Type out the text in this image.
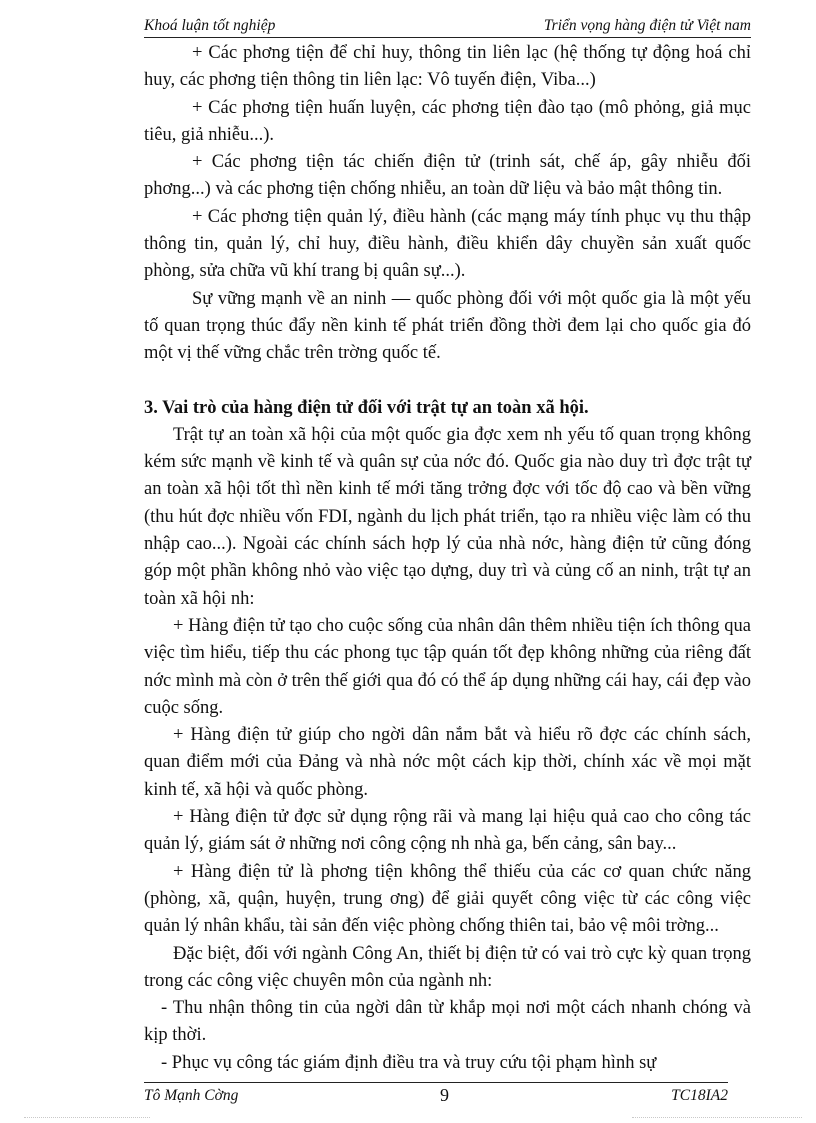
Khoá luận tốt nghiệp	Triển vọng hàng điện tử Việt nam

+ Các phơng tiện để chỉ huy, thông tin liên lạc (hệ thống tự động hoá chỉ huy, các phơng tiện thông tin liên lạc: Vô tuyến điện, Viba...)

+ Các phơng tiện huấn luyện, các phơng tiện đào tạo (mô phỏng, giả mục tiêu, giả nhiễu...).

+ Các phơng tiện tác chiến điện tử (trinh sát, chế áp, gây nhiễu đối phơng...) và các phơng tiện chống nhiễu, an toàn dữ liệu và bảo mật thông tin.

+ Các phơng tiện quản lý, điều hành (các mạng máy tính phục vụ thu thập thông tin, quản lý, chỉ huy, điều hành, điều khiển dây chuyền sản xuất quốc phòng, sửa chữa vũ khí trang bị quân sự...).

Sự vững mạnh về an ninh — quốc phòng đối với một quốc gia là một yếu tố quan trọng thúc đẩy nền kinh tế phát triển đồng thời đem lại cho quốc gia đó một vị thế vững chắc trên trờng quốc tế.

3. Vai trò của hàng điện tử đối với trật tự an toàn xã hội.

Trật tự an toàn xã hội của một quốc gia đợc xem nh yếu tố quan trọng không kém sức mạnh về kinh tế và quân sự của nớc đó. Quốc gia nào duy trì đợc trật tự an toàn xã hội tốt thì nền kinh tế mới tăng trởng đợc với tốc độ cao và bền vững (thu hút đợc nhiều vốn FDI, ngành du lịch phát triển, tạo ra nhiều việc làm có thu nhập cao...). Ngoài các chính sách hợp lý của nhà nớc, hàng điện tử cũng đóng góp một phần không nhỏ vào việc tạo dựng, duy trì và củng cố an ninh, trật tự an toàn xã hội nh:

+ Hàng điện tử tạo cho cuộc sống của nhân dân thêm nhiều tiện ích thông qua việc tìm hiểu, tiếp thu các phong tục tập quán tốt đẹp không những của riêng đất nớc mình mà còn ở trên thế giới qua đó có thể áp dụng những cái hay, cái đẹp vào cuộc sống.

+ Hàng điện tử giúp cho ngời dân nắm bắt và hiểu rõ đợc các chính sách, quan điểm mới của Đảng và nhà nớc một cách kịp thời, chính xác về mọi mặt kinh tế, xã hội và quốc phòng.

+ Hàng điện tử đợc sử dụng rộng rãi và mang lại hiệu quả cao cho công tác quản lý, giám sát ở những nơi công cộng nh nhà ga, bến cảng, sân bay...

+ Hàng điện tử là phơng tiện không thể thiếu của các cơ quan chức năng (phòng, xã, quận, huyện, trung ơng) để giải quyết công việc từ các công việc quản lý nhân khẩu, tài sản đến việc phòng chống thiên tai, bảo vệ môi trờng...

Đặc biệt, đối với ngành Công An, thiết bị điện tử có vai trò cực kỳ quan trọng trong các công việc chuyên môn của ngành nh:

- Thu nhận thông tin của ngời dân từ khắp mọi nơi một cách nhanh chóng và kịp thời.

- Phục vụ công tác giám định điều tra và truy cứu tội phạm hình sự

Tô Mạnh Cờng	9	TC18IA2
